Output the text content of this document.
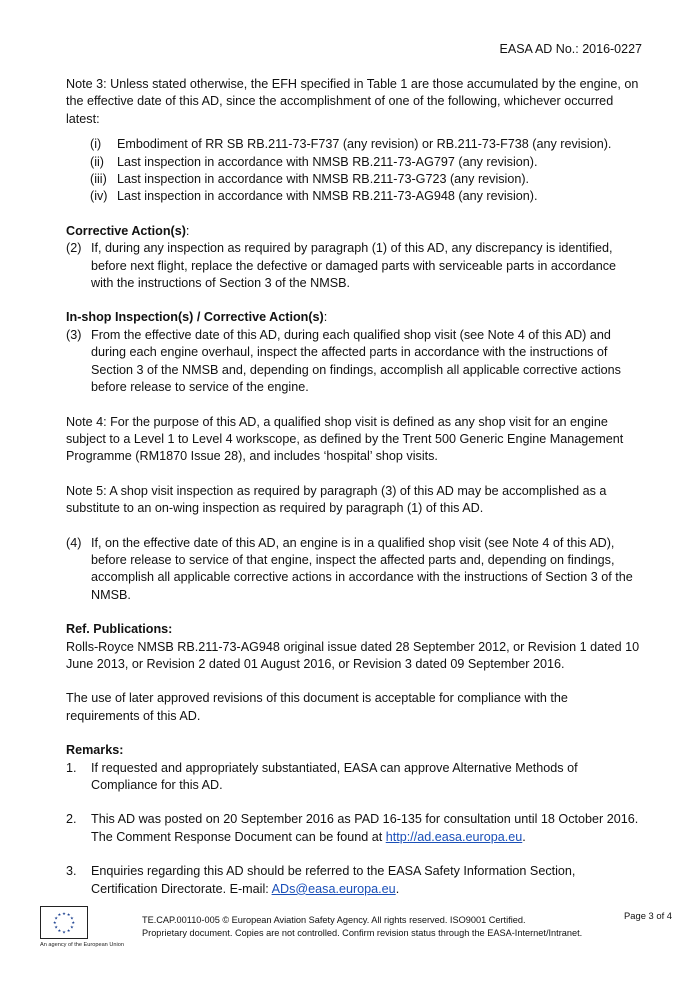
EASA AD No.: 2016-0227

Note 3: Unless stated otherwise, the EFH specified in Table 1 are those accumulated by the engine, on the effective date of this AD, since the accomplishment of one of the following, whichever occurred latest:

(i)	Embodiment of RR SB RB.211-73-F737 (any revision) or RB.211-73-F738 (any revision).
(ii)	Last inspection in accordance with NMSB RB.211-73-AG797 (any revision).
(iii) Last inspection in accordance with NMSB RB.211-73-G723 (any revision).
(iv) Last inspection in accordance with NMSB RB.211-73-AG948 (any revision).

Corrective Action(s):

(2) If, during any inspection as required by paragraph (1) of this AD, any discrepancy is identified, before next flight, replace the defective or damaged parts with serviceable parts in accordance with the instructions of Section 3 of the NMSB.

In-shop Inspection(s) / Corrective Action(s):

(3) From the effective date of this AD, during each qualified shop visit (see Note 4 of this AD) and during each engine overhaul, inspect the affected parts in accordance with the instructions of Section 3 of the NMSB and, depending on findings, accomplish all applicable corrective actions before release to service of the engine.

Note 4: For the purpose of this AD, a qualified shop visit is defined as any shop visit for an engine subject to a Level 1 to Level 4 workscope, as defined by the Trent 500 Generic Engine Management Programme (RM1870 Issue 28), and includes ‘hospital’ shop visits.

Note 5: A shop visit inspection as required by paragraph (3) of this AD may be accomplished as a substitute to an on-wing inspection as required by paragraph (1) of this AD.

(4) If, on the effective date of this AD, an engine is in a qualified shop visit (see Note 4 of this AD), before release to service of that engine, inspect the affected parts and, depending on findings, accomplish all applicable corrective actions in accordance with the instructions of Section 3 of the NMSB.

Ref. Publications:

Rolls-Royce NMSB RB.211-73-AG948 original issue dated 28 September 2012, or Revision 1 dated 10 June 2013, or Revision 2 dated 01 August 2016, or Revision 3 dated 09 September 2016.

The use of later approved revisions of this document is acceptable for compliance with the requirements of this AD.

Remarks:

1.	If requested and appropriately substantiated, EASA can approve Alternative Methods of Compliance for this AD.
2.	This AD was posted on 20 September 2016 as PAD 16-135 for consultation until 18 October 2016. The Comment Response Document can be found at http://ad.easa.europa.eu.
3.	Enquiries regarding this AD should be referred to the EASA Safety Information Section, Certification Directorate. E-mail: ADs@easa.europa.eu.
★ ★
★
★
★
★
★
★
★
★
★
★
An agency of the European Union
TE.CAP.00110-005 © European Aviation Safety Agency. All rights reserved. ISO9001 Certified.
Proprietary document. Copies are not controlled. Confirm revision status through the EASA-Internet/Intranet.
Page 3 of 4
